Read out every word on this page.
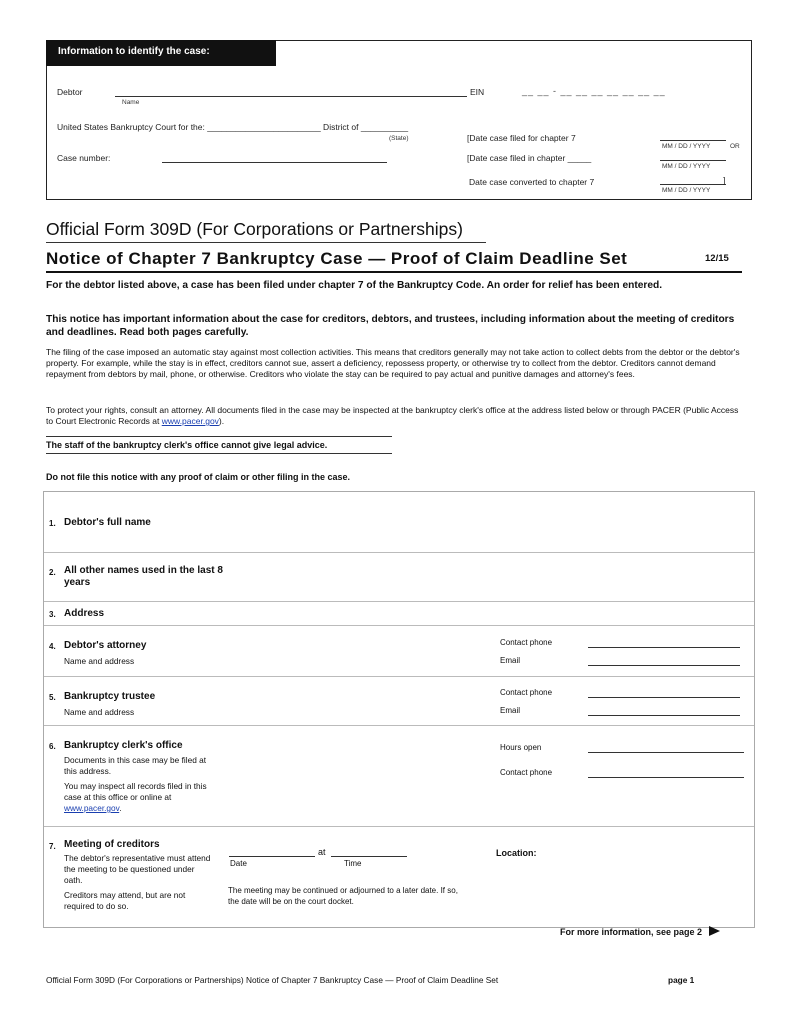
Information to identify the case:
Debtor
Name
EIN	__ __ - __ __ __ __ __ __ __
United States Bankruptcy Court for the: ________________________ District of __________
(State)
Case number:
[Date case filed for chapter 7
MM / DD / YYYY	OR
[Date case filed in chapter _____
MM / DD / YYYY
Date case converted to chapter 7	]
MM / DD / YYYY
Official Form 309D (For Corporations or Partnerships)
Notice of Chapter 7 Bankruptcy Case — Proof of Claim Deadline Set	12/15
For the debtor listed above, a case has been filed under chapter 7 of the Bankruptcy Code. An order for relief has been entered.
This notice has important information about the case for creditors, debtors, and trustees, including information about the meeting of creditors and deadlines. Read both pages carefully.
The filing of the case imposed an automatic stay against most collection activities. This means that creditors generally may not take action to collect debts from the debtor or the debtor's property. For example, while the stay is in effect, creditors cannot sue, assert a deficiency, repossess property, or otherwise try to collect from the debtor. Creditors cannot demand repayment from debtors by mail, phone, or otherwise. Creditors who violate the stay can be required to pay actual and punitive damages and attorney's fees.
To protect your rights, consult an attorney. All documents filed in the case may be inspected at the bankruptcy clerk's office at the address listed below or through PACER (Public Access to Court Electronic Records at www.pacer.gov).
The staff of the bankruptcy clerk's office cannot give legal advice.
Do not file this notice with any proof of claim or other filing in the case.
1. Debtor's full name
2. All other names used in the last 8 years
3. Address
4. Debtor's attorney
Name and address
Contact phone
Email
5. Bankruptcy trustee
Name and address
Contact phone
Email
6. Bankruptcy clerk's office
Documents in this case may be filed at this address.
You may inspect all records filed in this case at this office or online at www.pacer.gov.
Hours open
Contact phone
7. Meeting of creditors
The debtor's representative must attend the meeting to be questioned under oath.
Creditors may attend, but are not required to do so.
at
Date	Time
The meeting may be continued or adjourned to a later date. If so, the date will be on the court docket.
Location:
For more information, see page 2
Official Form 309D (For Corporations or Partnerships) Notice of Chapter 7 Bankruptcy Case — Proof of Claim Deadline Set	page 1
